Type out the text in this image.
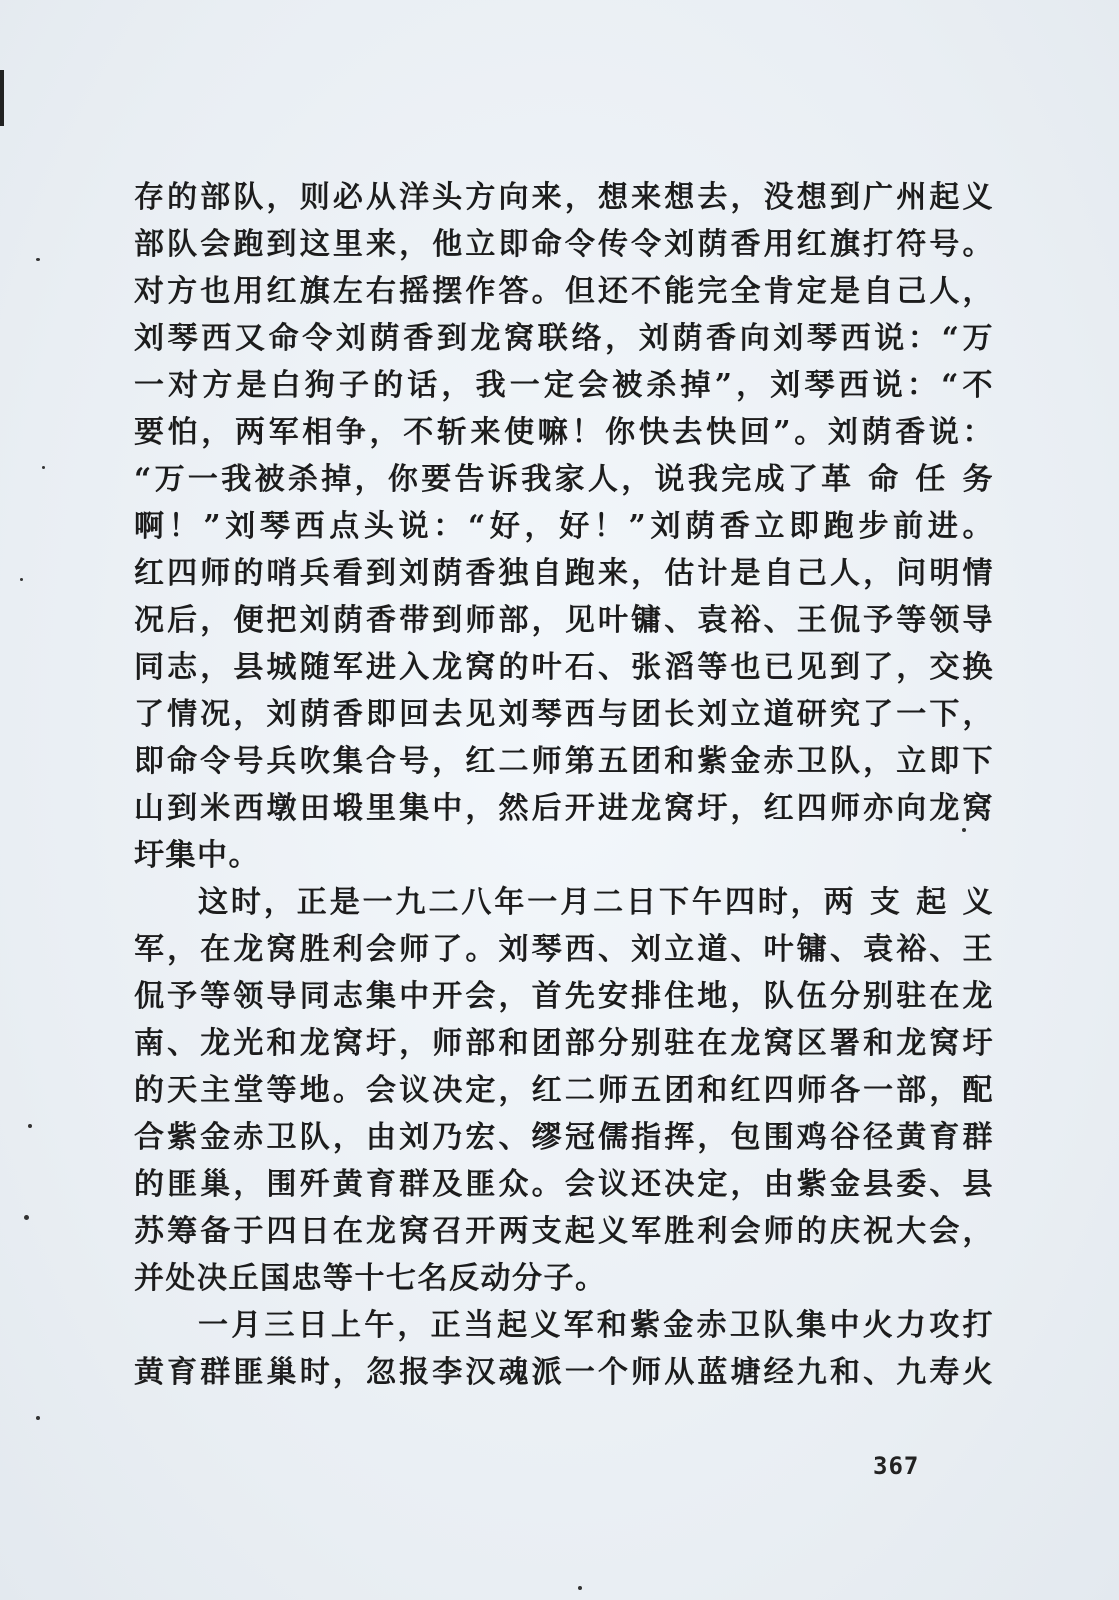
存的部队，则必从洋头方向来，想来想去，没想到广州起义
部队会跑到这里来，他立即命令传令刘荫香用红旗打符号。
对方也用红旗左右摇摆作答。但还不能完全肯定是自己人，
刘琴西又命令刘荫香到龙窝联络，刘荫香向刘琴西说：“万
一对方是白狗子的话，我一定会被杀掉”，刘琴西说：“不
要怕，两军相争，不斩来使嘛！你快去快回”。刘荫香说：
“万一我被杀掉，你要告诉我家人，说我完成了革 命 任 务
啊！”刘琴西点头说：“好，好！”刘荫香立即跑步前进。
红四师的哨兵看到刘荫香独自跑来，估计是自己人，问明情
况后，便把刘荫香带到师部，见叶镛、袁裕、王侃予等领导
同志，县城随军进入龙窝的叶石、张滔等也已见到了，交换
了情况，刘荫香即回去见刘琴西与团长刘立道研究了一下，
即命令号兵吹集合号，红二师第五团和紫金赤卫队，立即下
山到米西墩田塅里集中，然后开进龙窝圩，红四师亦向龙窝
圩集中。
这时，正是一九二八年一月二日下午四时，两 支 起 义
军，在龙窝胜利会师了。刘琴西、刘立道、叶镛、袁裕、王
侃予等领导同志集中开会，首先安排住地，队伍分别驻在龙
南、龙光和龙窝圩，师部和团部分别驻在龙窝区署和龙窝圩
的天主堂等地。会议决定，红二师五团和红四师各一部，配
合紫金赤卫队，由刘乃宏、缪冠儒指挥，包围鸡谷径黄育群
的匪巢，围歼黄育群及匪众。会议还决定，由紫金县委、县
苏筹备于四日在龙窝召开两支起义军胜利会师的庆祝大会，
并处决丘国忠等十七名反动分子。
一月三日上午，正当起义军和紫金赤卫队集中火力攻打
黄育群匪巢时，忽报李汉魂派一个师从蓝塘经九和、九寿火
367
